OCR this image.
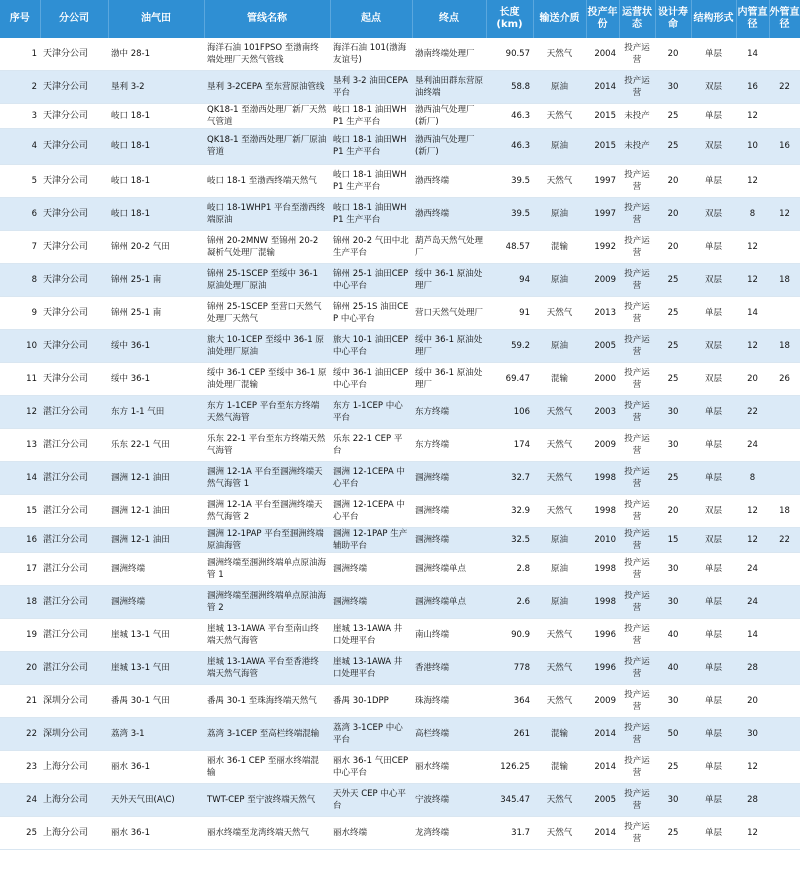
序号	分公司	油气田	管线名称	起点	终点	长度(km)	输送介质	投产年份	运营状态	设计寿命	结构形式	内管直径	外管直径
1	天津分公司	渤中 28-1	海洋石油 101FPSO 至渤南终端处理厂天然气管线	海洋石油 101(渤海友谊号)	渤南终端处理厂	90.57	天然气	2004	投产运营	20	单层	14	
2	天津分公司	垦利 3-2	垦利 3-2CEPA 至东营原油管线	垦利 3-2 油田CEPA 平台	垦利油田群东营原油终端	58.8	原油	2014	投产运营	30	双层	16	22
3	天津分公司	岐口 18-1	QK18-1 至渤西处理厂新厂天然气管道	岐口 18-1 油田WHP1 生产平台	渤西油气处理厂(新厂)	46.3	天然气	2015	未投产	25	单层	12	
4	天津分公司	岐口 18-1	QK18-1 至渤西处理厂新厂原油管道	岐口 18-1 油田WHP1 生产平台	渤西油气处理厂(新厂)	46.3	原油	2015	未投产	25	双层	10	16
5	天津分公司	岐口 18-1	岐口 18-1 至渤西终端天然气	岐口 18-1 油田WHP1 生产平台	渤西终端	39.5	天然气	1997	投产运营	20	单层	12	
6	天津分公司	岐口 18-1	岐口 18-1WHP1 平台至渤西终端原油	岐口 18-1 油田WHP1 生产平台	渤西终端	39.5	原油	1997	投产运营	20	双层	8	12
7	天津分公司	锦州 20-2 气田	锦州 20-2MNW 至锦州 20-2 凝析气处理厂混输	锦州 20-2 气田中北生产平台	葫芦岛天然气处理厂	48.57	混输	1992	投产运营	20	单层	12	
8	天津分公司	锦州 25-1 南	锦州 25-1SCEP 至绥中 36-1 原油处理厂原油	锦州 25-1 油田CEP 中心平台	绥中 36-1 原油处理厂	94	原油	2009	投产运营	25	双层	12	18
9	天津分公司	锦州 25-1 南	锦州 25-1SCEP 至营口天然气处理厂天然气	锦州 25-1S 油田CEP 中心平台	营口天然气处理厂	91	天然气	2013	投产运营	25	单层	14	
10	天津分公司	绥中 36-1	旅大 10-1CEP 至绥中 36-1 原油处理厂原油	旅大 10-1 油田CEP 中心平台	绥中 36-1 原油处理厂	59.2	原油	2005	投产运营	25	双层	12	18
11	天津分公司	绥中 36-1	绥中 36-1 CEP 至绥中 36-1 原油处理厂混输	绥中 36-1 油田CEP 中心平台	绥中 36-1 原油处理厂	69.47	混输	2000	投产运营	25	双层	20	26
12	湛江分公司	东方 1-1 气田	东方 1-1CEP 平台至东方终端天然气海管	东方 1-1CEP 中心平台	东方终端	106	天然气	2003	投产运营	30	单层	22	
13	湛江分公司	乐东 22-1 气田	乐东 22-1 平台至东方终端天然气海管	乐东 22-1 CEP 平台	东方终端	174	天然气	2009	投产运营	30	单层	24	
14	湛江分公司	涠洲 12-1 油田	涠洲 12-1A 平台至涠洲终端天然气海管 1	涠洲 12-1CEPA 中心平台	涠洲终端	32.7	天然气	1998	投产运营	25	单层	8	
15	湛江分公司	涠洲 12-1 油田	涠洲 12-1A 平台至涠洲终端天然气海管 2	涠洲 12-1CEPA 中心平台	涠洲终端	32.9	天然气	1998	投产运营	20	双层	12	18
16	湛江分公司	涠洲 12-1 油田	涠洲 12-1PAP 平台至涠洲终端原油海管	涠洲 12-1PAP 生产辅助平台	涠洲终端	32.5	原油	2010	投产运营	15	双层	12	22
17	湛江分公司	涠洲终端	涠洲终端至涠洲终端单点原油海管 1	涠洲终端	涠洲终端单点	2.8	原油	1998	投产运营	30	单层	24	
18	湛江分公司	涠洲终端	涠洲终端至涠洲终端单点原油海管 2	涠洲终端	涠洲终端单点	2.6	原油	1998	投产运营	30	单层	24	
19	湛江分公司	崖城 13-1 气田	崖城 13-1AWA 平台至南山终端天然气海管	崖城 13-1AWA 井口处理平台	南山终端	90.9	天然气	1996	投产运营	40	单层	14	
20	湛江分公司	崖城 13-1 气田	崖城 13-1AWA 平台至香港终端天然气海管	崖城 13-1AWA 井口处理平台	香港终端	778	天然气	1996	投产运营	40	单层	28	
21	深圳分公司	番禺 30-1 气田	番禺 30-1 至珠海终端天然气	番禺 30-1DPP	珠海终端	364	天然气	2009	投产运营	30	单层	20	
22	深圳分公司	荔湾 3-1	荔湾 3-1CEP 至高栏终端混输	荔湾 3-1CEP 中心平台	高栏终端	261	混输	2014	投产运营	50	单层	30	
23	上海分公司	丽水 36-1	丽水 36-1 CEP 至丽水终端混输	丽水 36-1 气田CEP 中心平台	丽水终端	126.25	混输	2014	投产运营	25	单层	12	
24	上海分公司	天外天气田(A\C)	TWT-CEP 至宁波终端天然气	天外天 CEP 中心平台	宁波终端	345.47	天然气	2005	投产运营	30	单层	28	
25	上海分公司	丽水 36-1	丽水终端至龙湾终端天然气	丽水终端	龙湾终端	31.7	天然气	2014	投产运营	25	单层	12	
